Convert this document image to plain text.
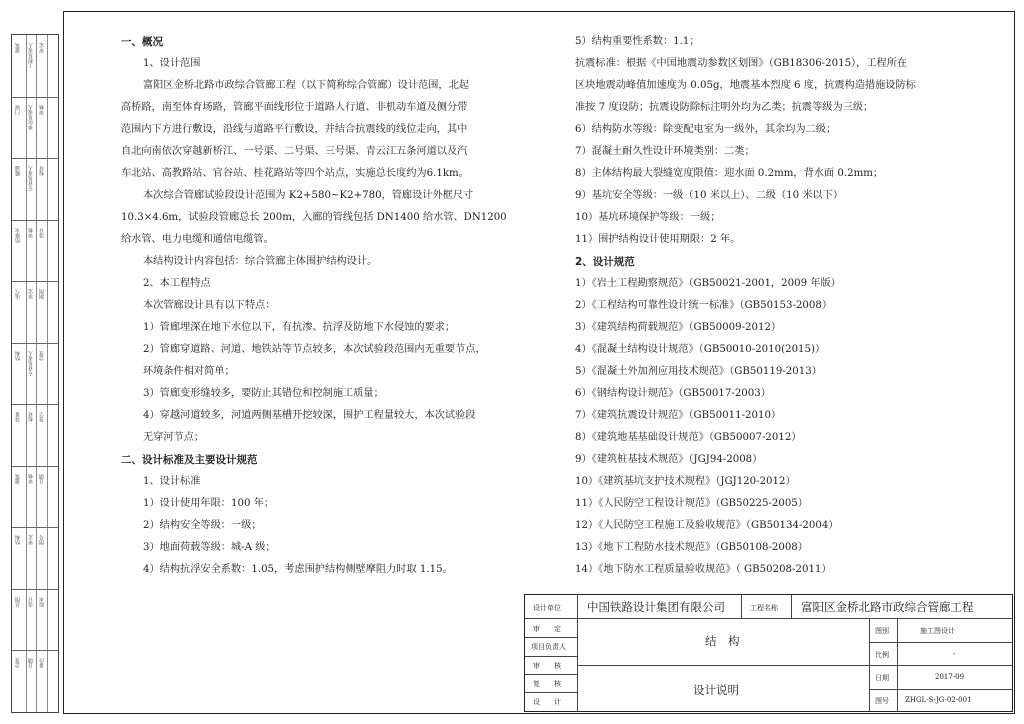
建筑 工程负责人 审定
门窗 单位负责人 审核
暖通 专业负责人 校对
给排水 审核 设计
电气 审定 制图
结构 专业负责人 会签
设备 校对 签字
建筑 审核 日期
结构 审定 图号
总图 设计 版本
会签 日期 备注
一、概况
1、设计范围
富阳区金桥北路市政综合管廊工程（以下简称综合管廊）设计范围，北起
高桥路，南至体育场路，管廊平面线形位于道路人行道、非机动车道及侧分带
范围内下方进行敷设，沿线与道路平行敷设，并结合抗震线的线位走向，其中
自北向南依次穿越新桥江、一号渠、二号渠、三号渠、青云江五条河道以及汽
车北站、高教路站、官谷站、桂花路站等四个站点，实施总长度约为6.1km。
本次综合管廊试验段设计范围为 K2+580~K2+780，管廊设计外框尺寸
10.3×4.6m，试验段管廊总长 200m，入廊的管线包括 DN1400 给水管、DN1200
给水管、电力电缆和通信电缆管。
本结构设计内容包括：综合管廊主体围护结构设计。
2、本工程特点
本次管廊设计具有以下特点：
1）管廊埋深在地下水位以下，有抗渗、抗浮及防地下水侵蚀的要求；
2）管廊穿道路、河道、地铁站等节点较多，本次试验段范围内无重要节点，
环境条件相对简单；
3）管廊变形缝较多，要防止其错位和控制施工质量；
4）穿越河道较多，河道两侧基槽开挖较深，围护工程量较大，本次试验段
无穿河节点；
二、设计标准及主要设计规范
1、设计标准
1）设计使用年限：100 年；
2）结构安全等级：一级；
3）地面荷载等级：城-A 级；
4）结构抗浮安全系数：1.05，考虑围护结构侧壁摩阻力时取 1.15。
5）结构重要性系数：1.1；
抗震标准：根据《中国地震动参数区划图》（GB18306-2015），工程所在
区块地震动峰值加速度为 0.05g，地震基本烈度 6 度，抗震构造措施设防标
准按 7 度设防；抗震设防除标注明外均为乙类；抗震等级为三级；
6）结构防水等级：除变配电室为一级外，其余均为二级；
7）混凝土耐久性设计环境类别：二类；
8）主体结构最大裂缝宽度限值：迎水面 0.2mm，背水面 0.2mm；
9）基坑安全等级：一级（10 米以上）、二级（10 米以下）
10）基坑环境保护等级：一级；
11）围护结构设计使用期限：2 年。
2、设计规范
1）《岩土工程勘察规范》（GB50021-2001，2009 年版）
2）《工程结构可靠性设计统一标准》（GB50153-2008）
3）《建筑结构荷载规范》（GB50009-2012）
4）《混凝土结构设计规范》（GB50010-2010(2015)）
5）《混凝土外加剂应用技术规范》（GB50119-2013）
6）《钢结构设计规范》（GB50017-2003）
7）《建筑抗震设计规范》（GB50011-2010）
8）《建筑地基基础设计规范》（GB50007-2012）
9）《建筑桩基技术规范》（JGJ94-2008）
10）《建筑基坑支护技术规程》（JGJ120-2012）
11）《人民防空工程设计规范》（GB50225-2005）
12）《人民防空工程施工及验收规范》（GB50134-2004）
13）《地下工程防水技术规范》（GB50108-2008）
14）《地下防水工程质量验收规范》（ GB50208-2011）
设计单位 中国铁路设计集团有限公司	工程名称 富阳区金桥北路市政综合管廊工程
审　　定
项目负责人
审　　核
复　　核
设　　计
结　构
设计说明
图别	施工图设计
比例	-
日期	2017-09
图号 ZHGL-S-JG-02-001
